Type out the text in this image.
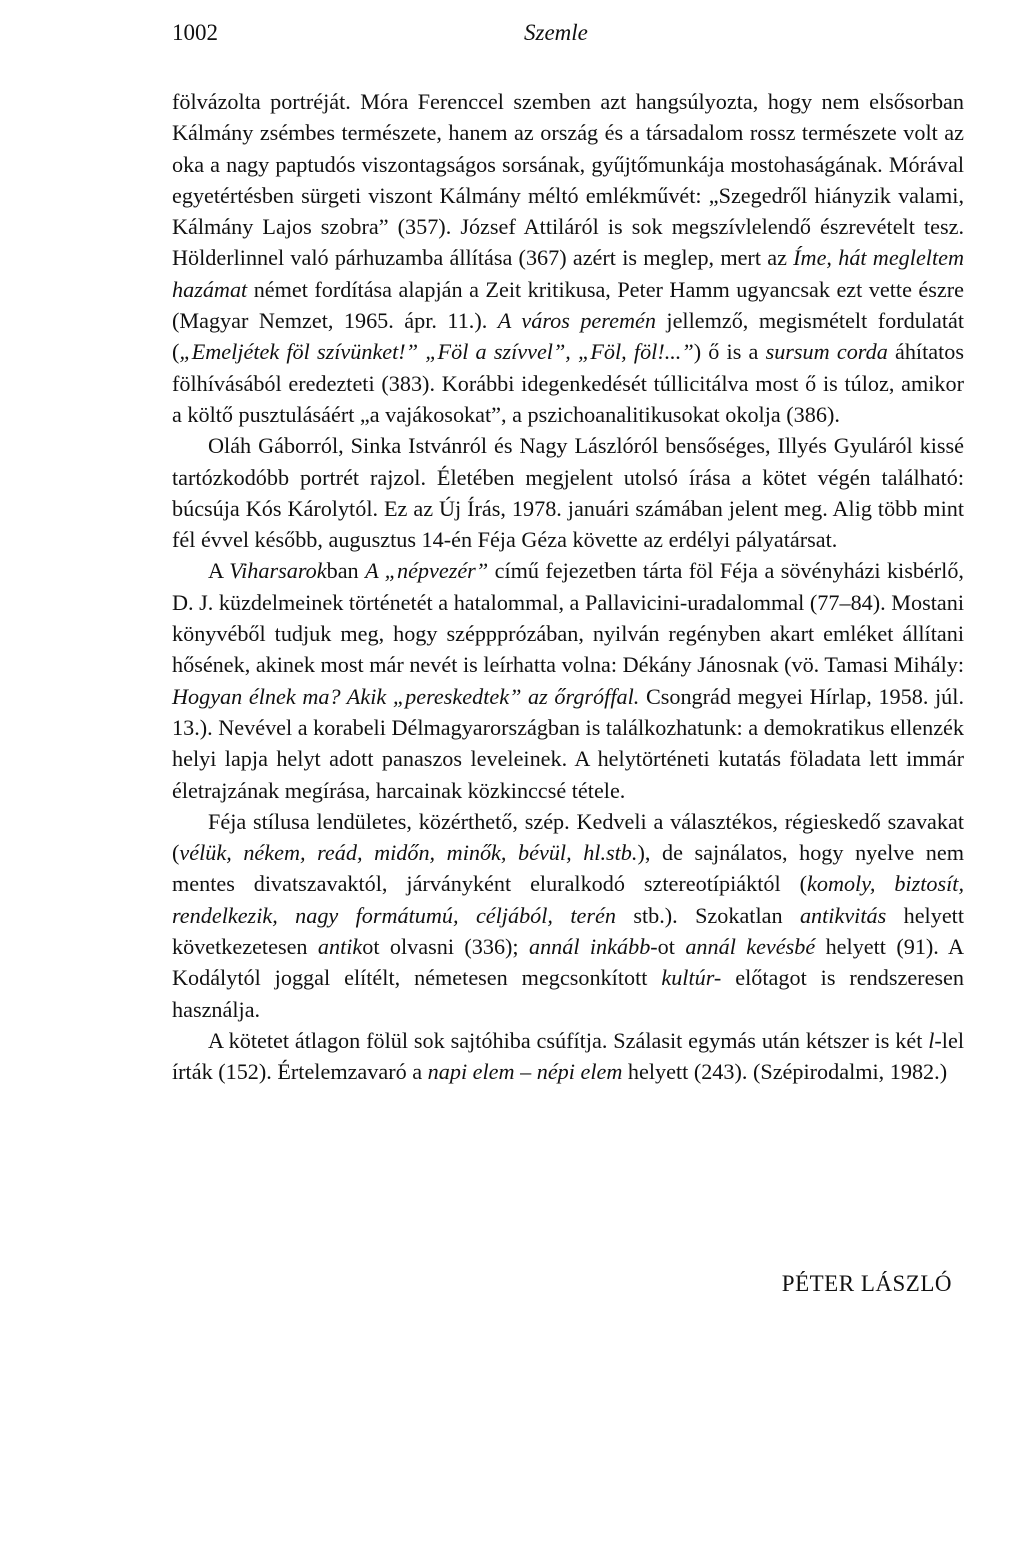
1002	Szemle

fölvázolta portréját. Móra Ferenccel szemben azt hangsúlyozta, hogy nem elsősorban Kálmány zsémbes természete, hanem az ország és a társadalom rossz természete volt az oka a nagy paptudós viszontagságos sorsának, gyűjtőmunkája mostohaságának. Mórával egyetértésben sürgeti viszont Kálmány méltó emlékművét: „Szegedről hiányzik valami, Kálmány Lajos szobra” (357). József Attiláról is sok megszívlelendő észrevételt tesz. Hölderlinnel való párhuzamba állítása (367) azért is meglep, mert az Íme, hát megleltem hazámat német fordítása alapján a Zeit kritikusa, Peter Hamm ugyancsak ezt vette észre (Magyar Nemzet, 1965. ápr. 11.). A város peremén jellemző, megismételt fordulatát („Emeljétek föl szívünket!” „Föl a szívvel”, „Föl, föl!...”) ő is a sursum corda áhítatos fölhívásából eredezteti (383). Korábbi idegenkedését túllicitálva most ő is túloz, amikor a költő pusztulásáért „a vajákosokat”, a pszichoanalitikusokat okolja (386).

Oláh Gáborról, Sinka Istvánról és Nagy Lászlóról bensőséges, Illyés Gyuláról kissé tartózkodóbb portrét rajzol. Életében megjelent utolsó írása a kötet végén található: búcsúja Kós Károlytól. Ez az Új Írás, 1978. januári számában jelent meg. Alig több mint fél évvel később, augusztus 14-én Féja Géza követte az erdélyi pályatársat.

A Viharsarokban A „népvezér” című fejezetben tárta föl Féja a sövényházi kisbérlő, D. J. küzdelmeinek történetét a hatalommal, a Pallavicini-uradalommal (77–84). Mostani könyvéből tudjuk meg, hogy széppprózában, nyilván regényben akart emléket állítani hősének, akinek most már nevét is leírhatta volna: Dékány Jánosnak (vö. Tamasi Mihály: Hogyan élnek ma? Akik „pereskedtek” az őrgróffal. Csongrád megyei Hírlap, 1958. júl. 13.). Nevével a korabeli Délmagyarországban is találkozhatunk: a demokratikus ellenzék helyi lapja helyt adott panaszos leveleinek. A helytörténeti kutatás föladata lett immár életrajzának megírása, harcainak közkinccsé tétele.

Féja stílusa lendületes, közérthető, szép. Kedveli a választékos, régieskedő szavakat (vélük, nékem, reád, midőn, minők, bévül, hl.stb.), de sajnálatos, hogy nyelve nem mentes divatszavaktól, járványként eluralkodó sztereotípiáktól (komoly, biztosít, rendelkezik, nagy formátumú, céljából, terén stb.). Szokatlan antikvitás helyett következetesen antikot olvasni (336); annál inkább-ot annál kevésbé helyett (91). A Kodálytól joggal elítélt, németesen megcsonkított kultúr- előtagot is rendszeresen használja.

A kötetet átlagon fölül sok sajtóhiba csúfítja. Szálasit egymás után kétszer is két l-lel írták (152). Értelemzavaró a napi elem – népi elem helyett (243). (Szépirodalmi, 1982.)

PÉTER LÁSZLÓ
